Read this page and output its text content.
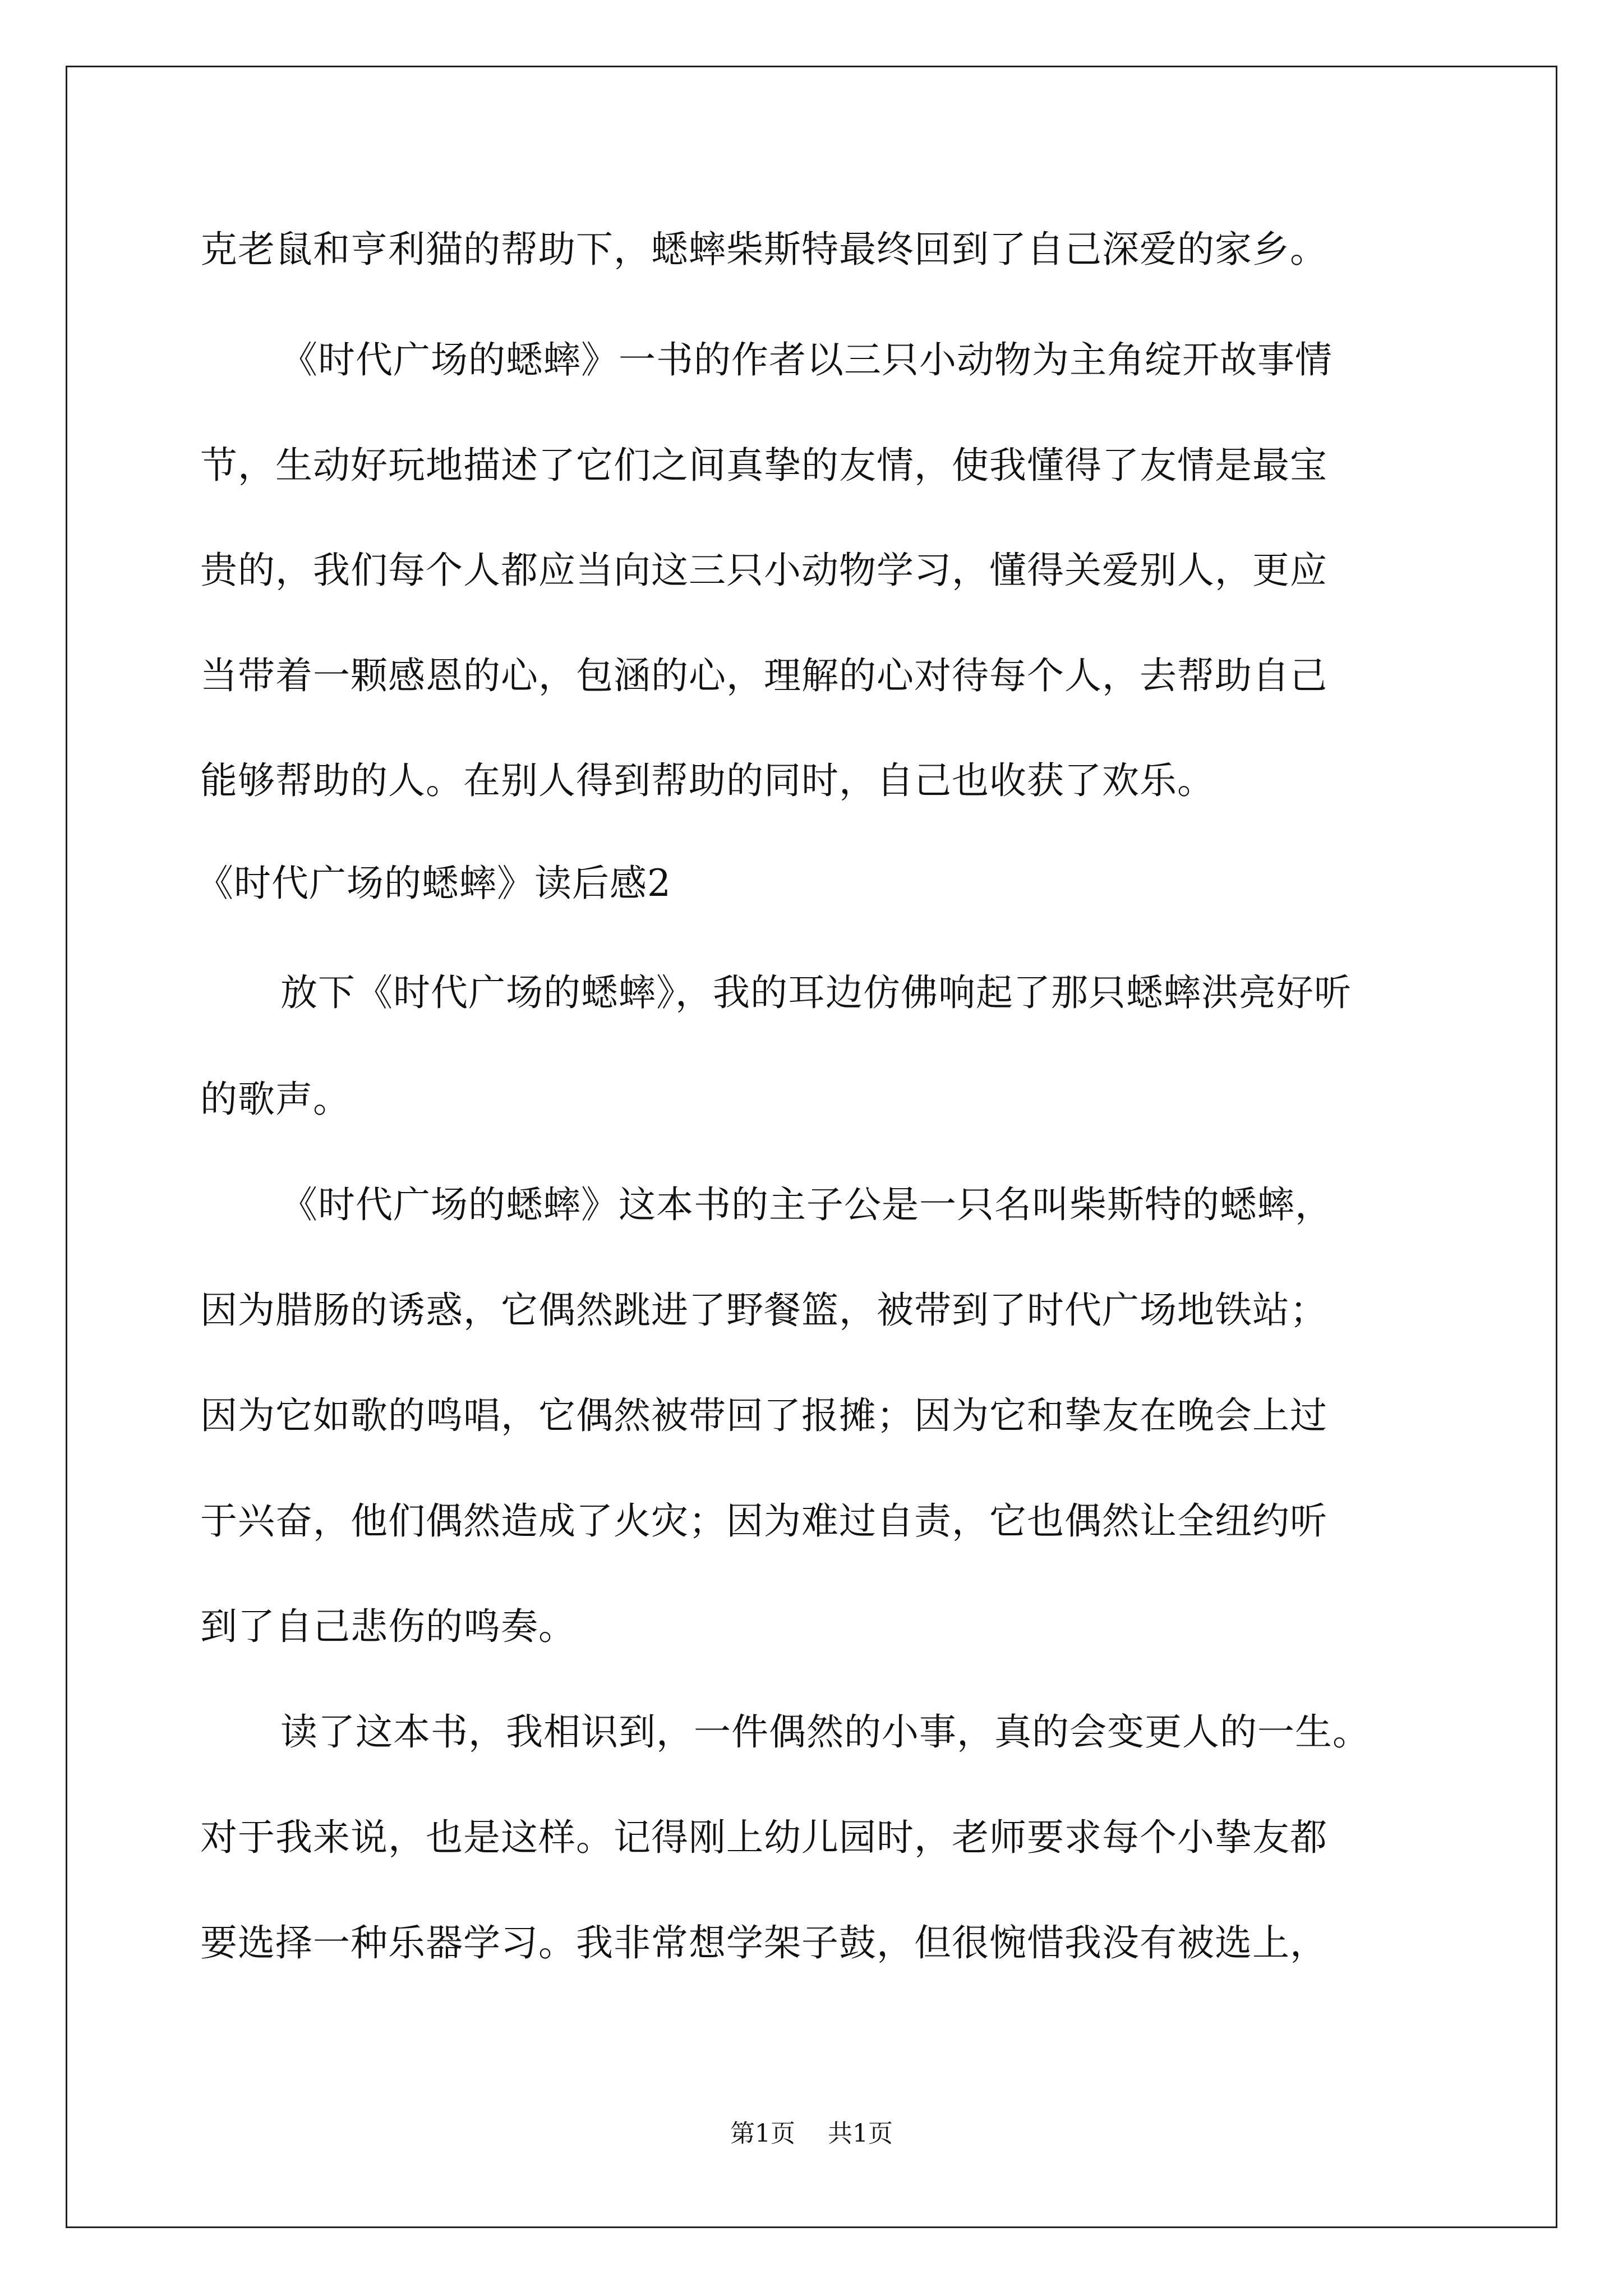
克老鼠和亨利猫的帮助下，蟋蟀柴斯特最终回到了自己深爱的家乡。
《时代广场的蟋蟀》一书的作者以三只小动物为主角绽开故事情
节，生动好玩地描述了它们之间真挚的友情，使我懂得了友情是最宝
贵的，我们每个人都应当向这三只小动物学习，懂得关爱别人，更应
当带着一颗感恩的心，包涵的心，理解的心对待每个人，去帮助自己
能够帮助的人。在别人得到帮助的同时，自己也收获了欢乐。
《时代广场的蟋蟀》读后感2
放下《时代广场的蟋蟀》，我的耳边仿佛响起了那只蟋蟀洪亮好听
的歌声。
《时代广场的蟋蟀》这本书的主子公是一只名叫柴斯特的蟋蟀，
因为腊肠的诱惑，它偶然跳进了野餐篮，被带到了时代广场地铁站；
因为它如歌的鸣唱，它偶然被带回了报摊；因为它和挚友在晚会上过
于兴奋，他们偶然造成了火灾；因为难过自责，它也偶然让全纽约听
到了自己悲伤的鸣奏。
读了这本书，我相识到，一件偶然的小事，真的会变更人的一生。
对于我来说，也是这样。记得刚上幼儿园时，老师要求每个小挚友都
要选择一种乐器学习。我非常想学架子鼓，但很惋惜我没有被选上，
第1页 共1页
